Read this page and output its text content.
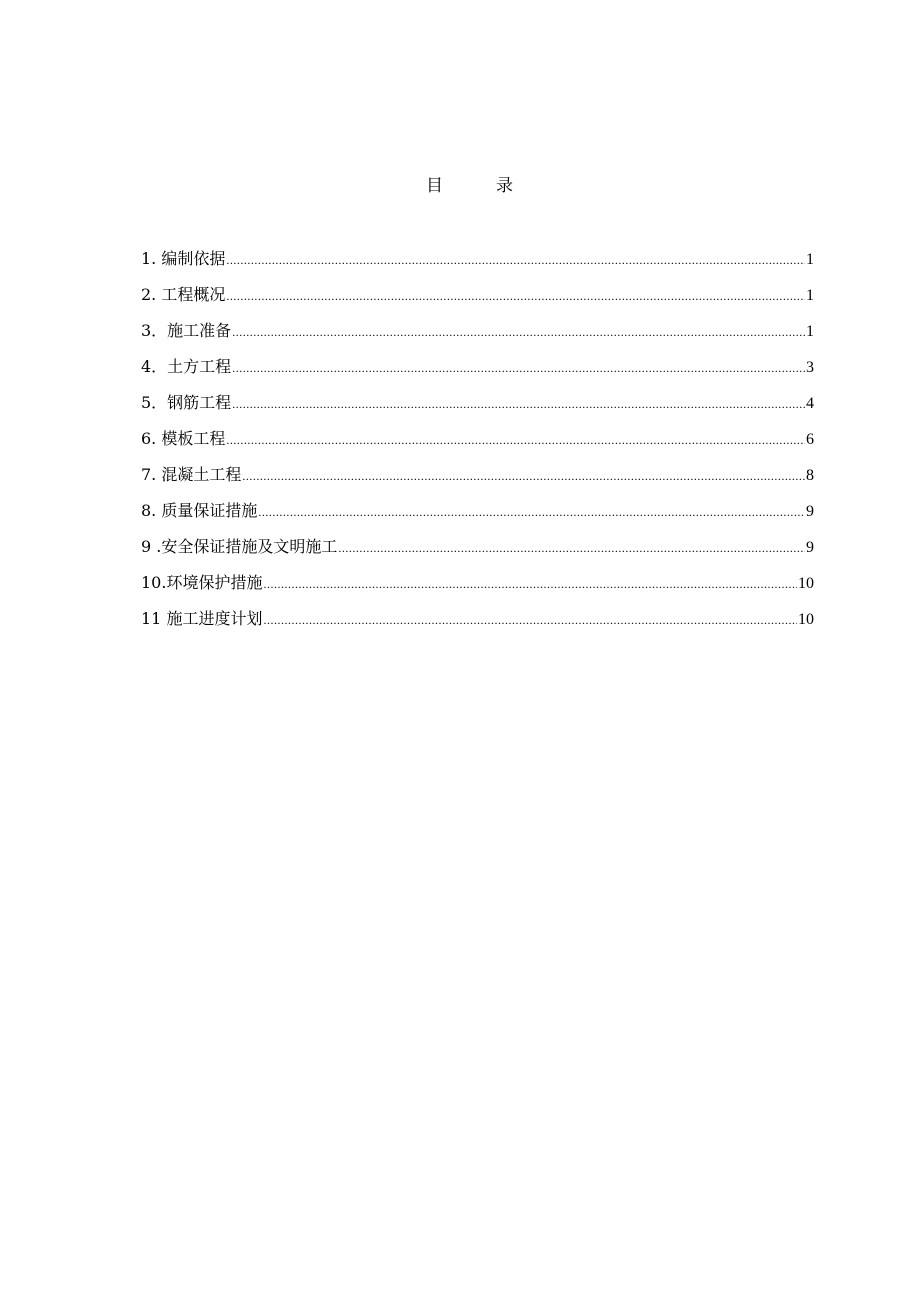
目　录
1. 编制依据 .....	1
2. 工程概况 .....	1
3．施工准备 .....	1
4．土方工程 .....	3
5．钢筋工程 .....	4
6. 模板工程 .....	6
7. 混凝土工程 .....	8
8. 质量保证措施 .....	9
9 .安全保证措施及文明施工 .....	9
10.环境保护措施 .....	10
11 施工进度计划 .....	10
